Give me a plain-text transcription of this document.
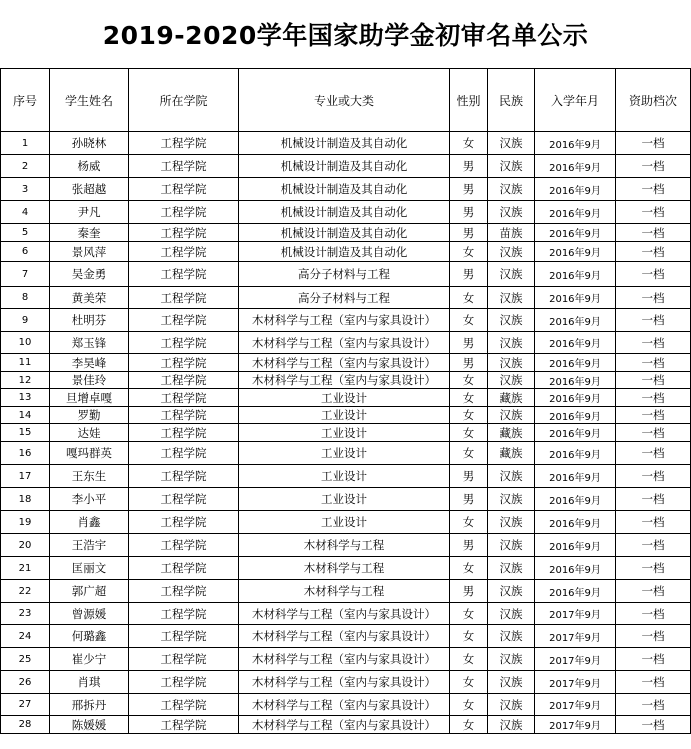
2019-2020学年国家助学金初审名单公示
序号	学生姓名	所在学院	专业或大类	性别	民族	入学年月	资助档次
1	孙晓林	工程学院	机械设计制造及其自动化	女	汉族	2016年9月	一档
2	杨威	工程学院	机械设计制造及其自动化	男	汉族	2016年9月	一档
3	张超越	工程学院	机械设计制造及其自动化	男	汉族	2016年9月	一档
4	尹凡	工程学院	机械设计制造及其自动化	男	汉族	2016年9月	一档
5	秦奎	工程学院	机械设计制造及其自动化	男	苗族	2016年9月	一档
6	景风萍	工程学院	机械设计制造及其自动化	女	汉族	2016年9月	一档
7	吴金勇	工程学院	高分子材料与工程	男	汉族	2016年9月	一档
8	黄美荣	工程学院	高分子材料与工程	女	汉族	2016年9月	一档
9	杜明芬	工程学院	木材科学与工程（室内与家具设计）	女	汉族	2016年9月	一档
10	郑玉锋	工程学院	木材科学与工程（室内与家具设计）	男	汉族	2016年9月	一档
11	李昊峰	工程学院	木材科学与工程（室内与家具设计）	男	汉族	2016年9月	一档
12	景佳玲	工程学院	木材科学与工程（室内与家具设计）	女	汉族	2016年9月	一档
13	旦增卓嘎	工程学院	工业设计	女	藏族	2016年9月	一档
14	罗勤	工程学院	工业设计	女	汉族	2016年9月	一档
15	达娃	工程学院	工业设计	女	藏族	2016年9月	一档
16	嘎玛群英	工程学院	工业设计	女	藏族	2016年9月	一档
17	王东生	工程学院	工业设计	男	汉族	2016年9月	一档
18	李小平	工程学院	工业设计	男	汉族	2016年9月	一档
19	肖鑫	工程学院	工业设计	女	汉族	2016年9月	一档
20	王浩宇	工程学院	木材科学与工程	男	汉族	2016年9月	一档
21	匡丽文	工程学院	木材科学与工程	女	汉族	2016年9月	一档
22	郭广超	工程学院	木材科学与工程	男	汉族	2016年9月	一档
23	曾源媛	工程学院	木材科学与工程（室内与家具设计）	女	汉族	2017年9月	一档
24	何璐鑫	工程学院	木材科学与工程（室内与家具设计）	女	汉族	2017年9月	一档
25	崔少宁	工程学院	木材科学与工程（室内与家具设计）	女	汉族	2017年9月	一档
26	肖琪	工程学院	木材科学与工程（室内与家具设计）	女	汉族	2017年9月	一档
27	邢拆丹	工程学院	木材科学与工程（室内与家具设计）	女	汉族	2017年9月	一档
28	陈媛媛	工程学院	木材科学与工程（室内与家具设计）	女	汉族	2017年9月	一档
